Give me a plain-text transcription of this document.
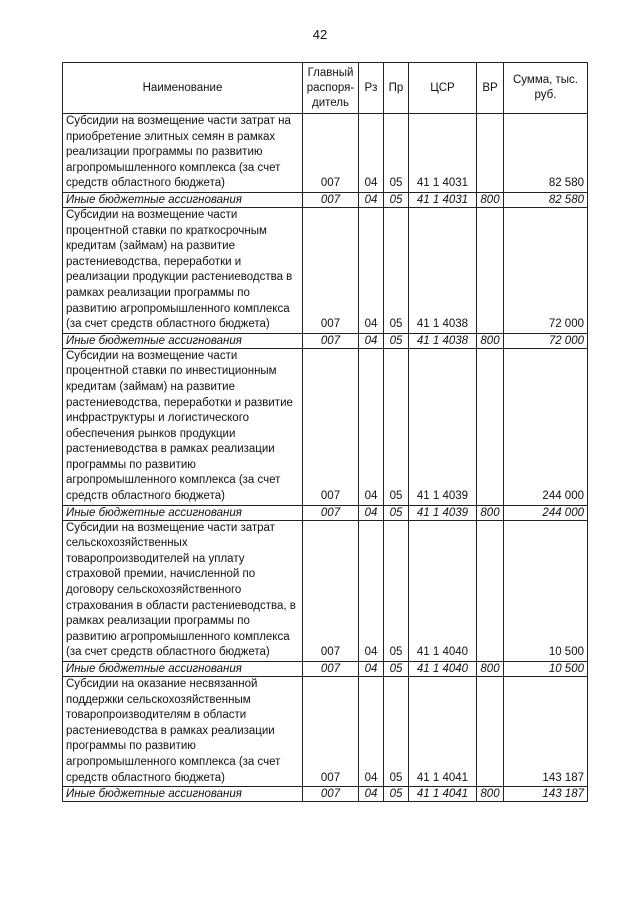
42
Наименование	Главный распоря- дитель	Рз	Пр	ЦСР	ВР	Сумма, тыс. руб.
Субсидии на возмещение части затрат на приобретение элитных семян в рамках реализации программы по развитию агропромышленного комплекса (за счет средств областного бюджета)	007	04	05	41 1 4031		82 580
Иные бюджетные ассигнования	007	04	05	41 1 4031	800	82 580
Субсидии на возмещение части процентной ставки по краткосрочным кредитам (займам) на развитие растениеводства, переработки и реализации продукции растениеводства в рамках реализации программы по развитию агропромышленного комплекса (за счет средств областного бюджета)	007	04	05	41 1 4038		72 000
Иные бюджетные ассигнования	007	04	05	41 1 4038	800	72 000
Субсидии на возмещение части процентной ставки по инвестиционным кредитам (займам) на развитие растениеводства, переработки и развитие инфраструктуры и логистического обеспечения рынков продукции растениеводства в рамках реализации программы по развитию агропромышленного комплекса (за счет средств областного бюджета)	007	04	05	41 1 4039		244 000
Иные бюджетные ассигнования	007	04	05	41 1 4039	800	244 000
Субсидии на возмещение части затрат сельскохозяйственных товаропроизводителей на уплату страховой премии, начисленной по договору сельскохозяйственного страхования в области растениеводства, в рамках реализации программы по развитию агропромышленного комплекса (за счет средств областного бюджета)	007	04	05	41 1 4040		10 500
Иные бюджетные ассигнования	007	04	05	41 1 4040	800	10 500
Субсидии на оказание несвязанной поддержки сельскохозяйственным товаропроизводителям в области растениеводства в рамках реализации программы по развитию агропромышленного комплекса (за счет средств областного бюджета)	007	04	05	41 1 4041		143 187
Иные бюджетные ассигнования	007	04	05	41 1 4041	800	143 187
